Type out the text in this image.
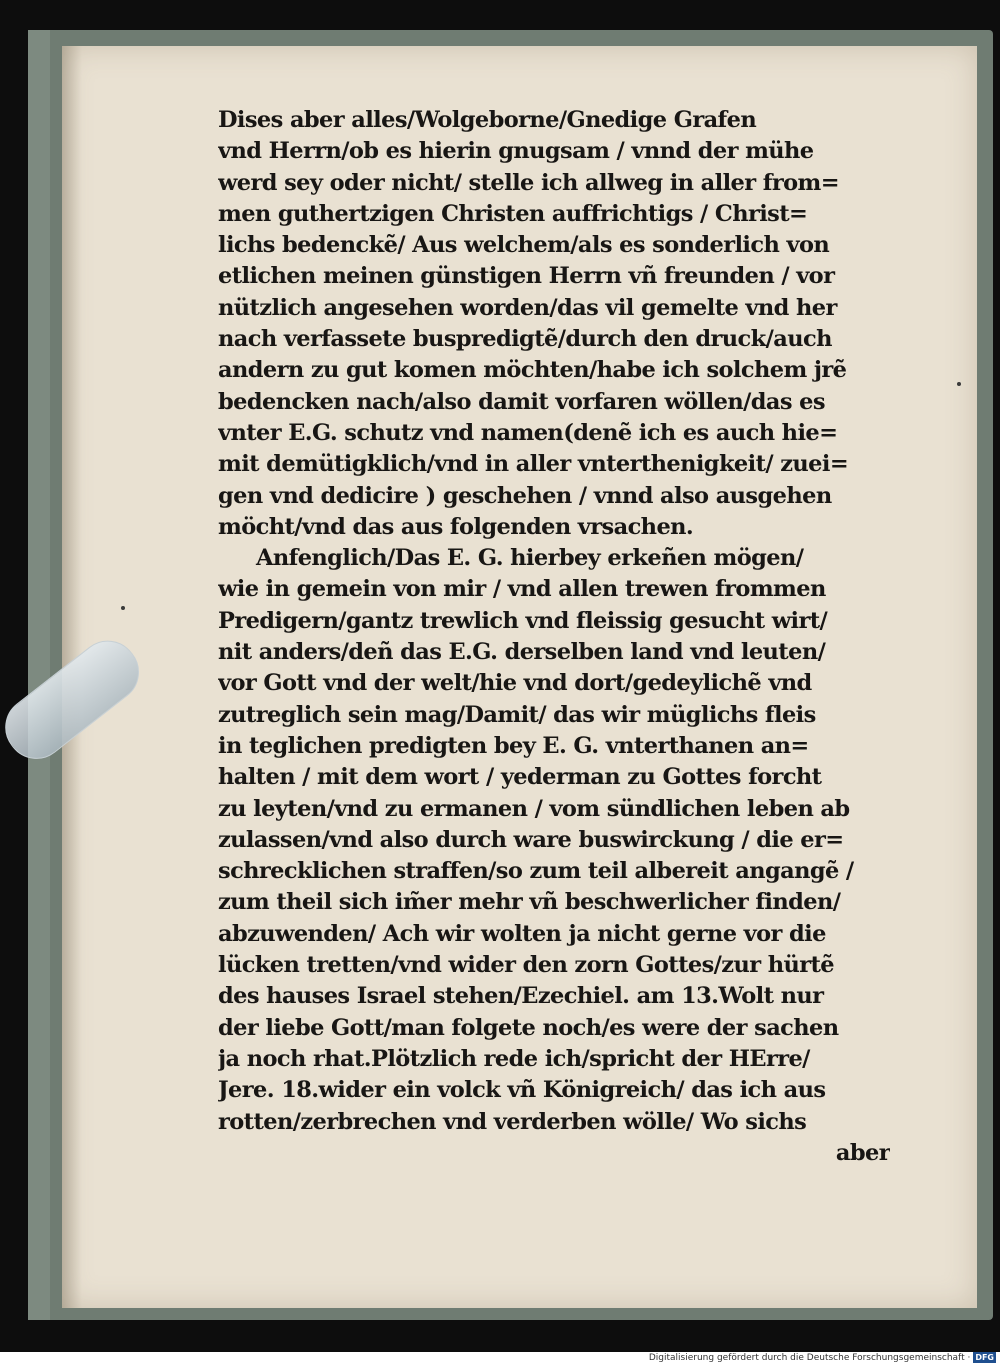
Dises aber alles/Wolgeborne/Gnedige Grafen
vnd Herrn/ob es hierin gnugsam / vnnd der mühe
werd sey oder nicht/ stelle ich allweg in aller from=
men guthertzigen Christen auffrichtigs / Christ=
lichs bedenckẽ/ Aus welchem/als es sonderlich von
etlichen meinen günstigen Herrn vñ freunden / vor
nützlich angesehen worden/das vil gemelte vnd her
nach verfassete buspredigtẽ/durch den druck/auch
andern zu gut komen möchten/habe ich solchem jrẽ
bedencken nach/also damit vorfaren wöllen/das es
vnter E.G. schutz vnd namen(denẽ ich es auch hie=
mit demütigklich/vnd in aller vnterthenigkeit/ zuei=
gen vnd dedicire ) geschehen / vnnd also ausgehen
möcht/vnd das aus folgenden vrsachen.
Anfenglich/Das E. G. hierbey erkeñen mögen/
wie in gemein von mir / vnd allen trewen frommen
Predigern/gantz trewlich vnd fleissig gesucht wirt/
nit anders/deñ das E.G. derselben land vnd leuten/
vor Gott vnd der welt/hie vnd dort/gedeylichẽ vnd
zutreglich sein mag/Damit/ das wir müglichs fleis
in teglichen predigten bey E. G. vnterthanen an=
halten / mit dem wort / yederman zu Gottes forcht
zu leyten/vnd zu ermanen / vom sündlichen leben ab
zulassen/vnd also durch ware buswirckung / die er=
schrecklichen straffen/so zum teil albereit angangẽ /
zum theil sich im̃er mehr vñ beschwerlicher finden/
abzuwenden/ Ach wir wolten ja nicht gerne vor die
lücken tretten/vnd wider den zorn Gottes/zur hürtẽ
des hauses Israel stehen/Ezechiel. am 13.Wolt nur
der liebe Gott/man folgete noch/es were der sachen
ja noch rhat.Plötzlich rede ich/spricht der HErre/
Jere. 18.wider ein volck vñ Königreich/ das ich aus
rotten/zerbrechen vnd verderben wölle/ Wo sichs
aber
Digitalisierung gefördert durch die Deutsche Forschungsgemeinschaft · DFG
